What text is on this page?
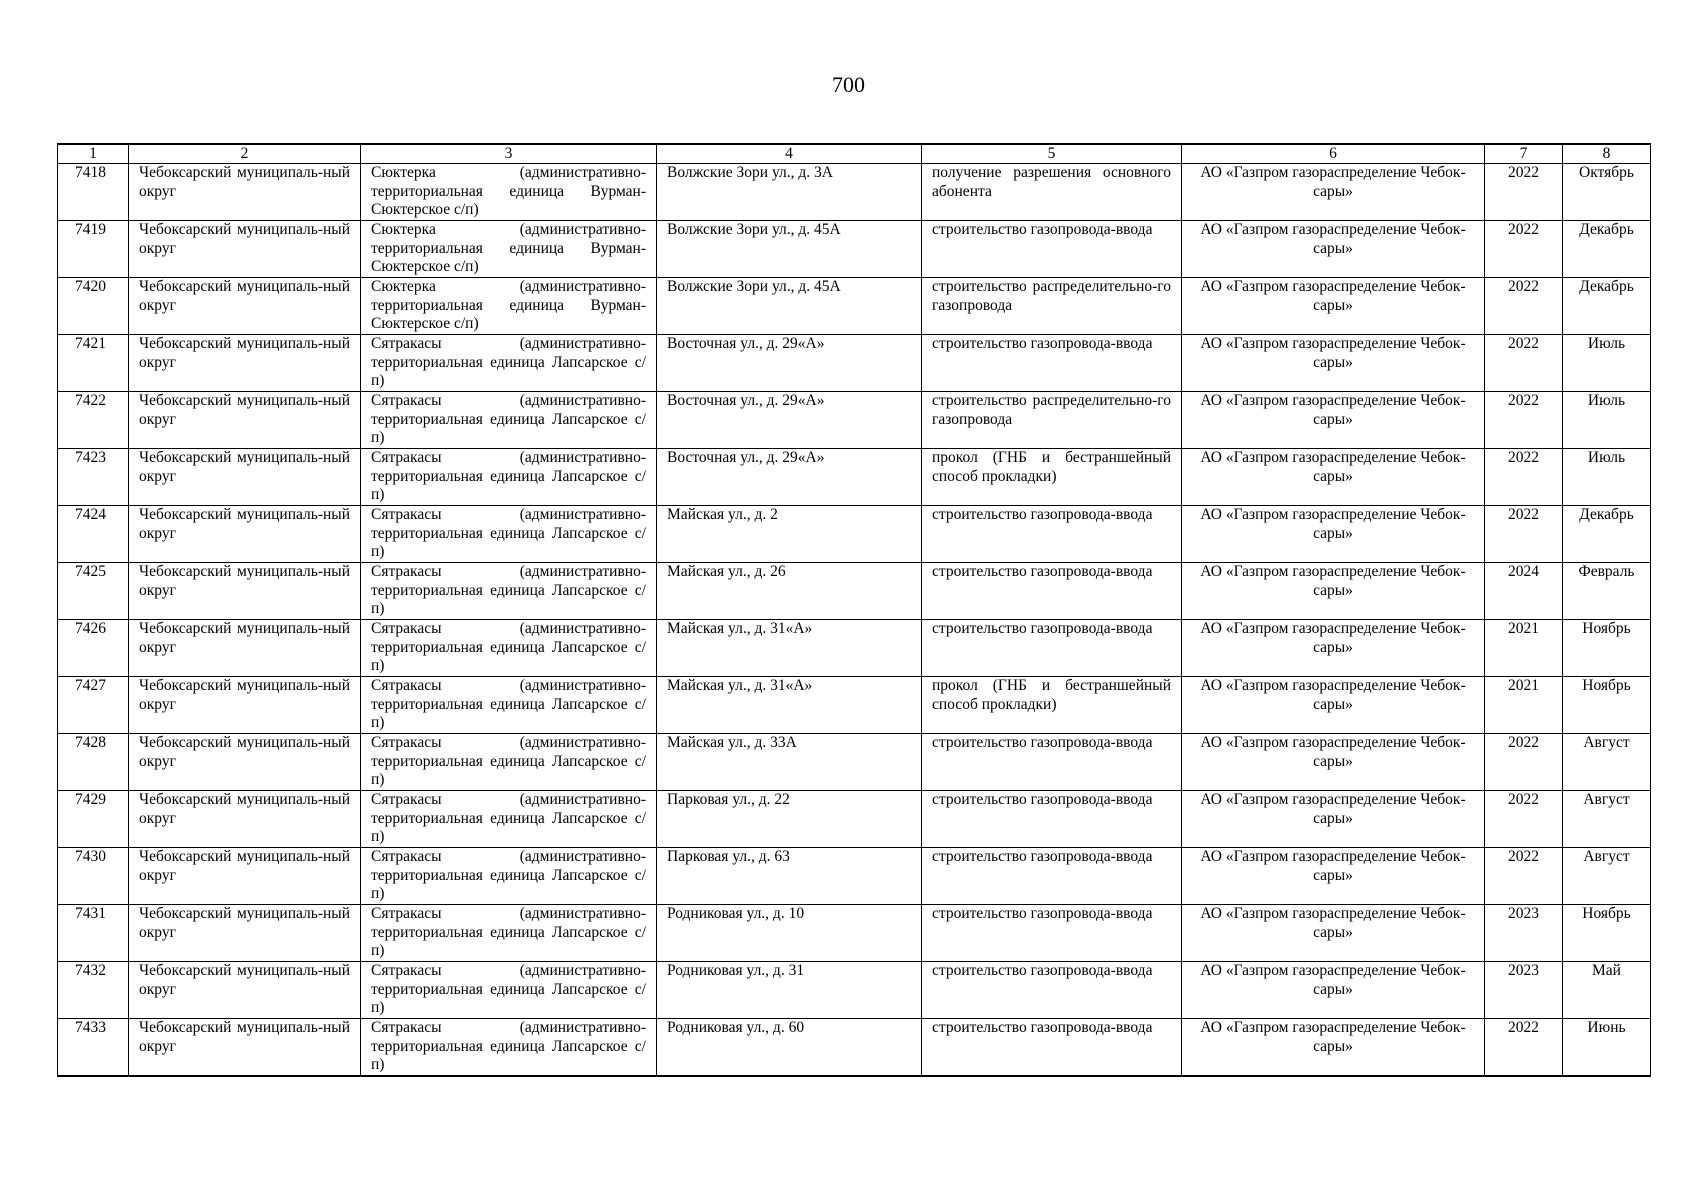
700
1	2	3	4	5	6	7	8
7418	Чебоксарский муниципаль-ный округ	Сюктерка (административно-территориальная единица Вурман-Сюктерское с/п)	Волжские Зори ул., д. 3А	получение разрешения основного абонента	АО «Газпром газораспределение Чебок-сары»	2022	Октябрь
7419	Чебоксарский муниципаль-ный округ	Сюктерка (административно-территориальная единица Вурман-Сюктерское с/п)	Волжские Зори ул., д. 45А	строительство газопровода-ввода	АО «Газпром газораспределение Чебок-сары»	2022	Декабрь
7420	Чебоксарский муниципаль-ный округ	Сюктерка (административно-территориальная единица Вурман-Сюктерское с/п)	Волжские Зори ул., д. 45А	строительство распределительно-го газопровода	АО «Газпром газораспределение Чебок-сары»	2022	Декабрь
7421	Чебоксарский муниципаль-ный округ	Сятракасы (административно-территориальная единица Лапсарское с/п)	Восточная ул., д. 29«А»	строительство газопровода-ввода	АО «Газпром газораспределение Чебок-сары»	2022	Июль
7422	Чебоксарский муниципаль-ный округ	Сятракасы (административно-территориальная единица Лапсарское с/п)	Восточная ул., д. 29«А»	строительство распределительно-го газопровода	АО «Газпром газораспределение Чебок-сары»	2022	Июль
7423	Чебоксарский муниципаль-ный округ	Сятракасы (административно-территориальная единица Лапсарское с/п)	Восточная ул., д. 29«А»	прокол (ГНБ и бестраншейный способ прокладки)	АО «Газпром газораспределение Чебок-сары»	2022	Июль
7424	Чебоксарский муниципаль-ный округ	Сятракасы (административно-территориальная единица Лапсарское с/п)	Майская ул., д. 2	строительство газопровода-ввода	АО «Газпром газораспределение Чебок-сары»	2022	Декабрь
7425	Чебоксарский муниципаль-ный округ	Сятракасы (административно-территориальная единица Лапсарское с/п)	Майская ул., д. 26	строительство газопровода-ввода	АО «Газпром газораспределение Чебок-сары»	2024	Февраль
7426	Чебоксарский муниципаль-ный округ	Сятракасы (административно-территориальная единица Лапсарское с/п)	Майская ул., д. 31«А»	строительство газопровода-ввода	АО «Газпром газораспределение Чебок-сары»	2021	Ноябрь
7427	Чебоксарский муниципаль-ный округ	Сятракасы (административно-территориальная единица Лапсарское с/п)	Майская ул., д. 31«А»	прокол (ГНБ и бестраншейный способ прокладки)	АО «Газпром газораспределение Чебок-сары»	2021	Ноябрь
7428	Чебоксарский муниципаль-ный округ	Сятракасы (административно-территориальная единица Лапсарское с/п)	Майская ул., д. 33А	строительство газопровода-ввода	АО «Газпром газораспределение Чебок-сары»	2022	Август
7429	Чебоксарский муниципаль-ный округ	Сятракасы (административно-территориальная единица Лапсарское с/п)	Парковая ул., д. 22	строительство газопровода-ввода	АО «Газпром газораспределение Чебок-сары»	2022	Август
7430	Чебоксарский муниципаль-ный округ	Сятракасы (административно-территориальная единица Лапсарское с/п)	Парковая ул., д. 63	строительство газопровода-ввода	АО «Газпром газораспределение Чебок-сары»	2022	Август
7431	Чебоксарский муниципаль-ный округ	Сятракасы (административно-территориальная единица Лапсарское с/п)	Родниковая ул., д. 10	строительство газопровода-ввода	АО «Газпром газораспределение Чебок-сары»	2023	Ноябрь
7432	Чебоксарский муниципаль-ный округ	Сятракасы (административно-территориальная единица Лапсарское с/п)	Родниковая ул., д. 31	строительство газопровода-ввода	АО «Газпром газораспределение Чебок-сары»	2023	Май
7433	Чебоксарский муниципаль-ный округ	Сятракасы (административно-территориальная единица Лапсарское с/п)	Родниковая ул., д. 60	строительство газопровода-ввода	АО «Газпром газораспределение Чебок-сары»	2022	Июнь
